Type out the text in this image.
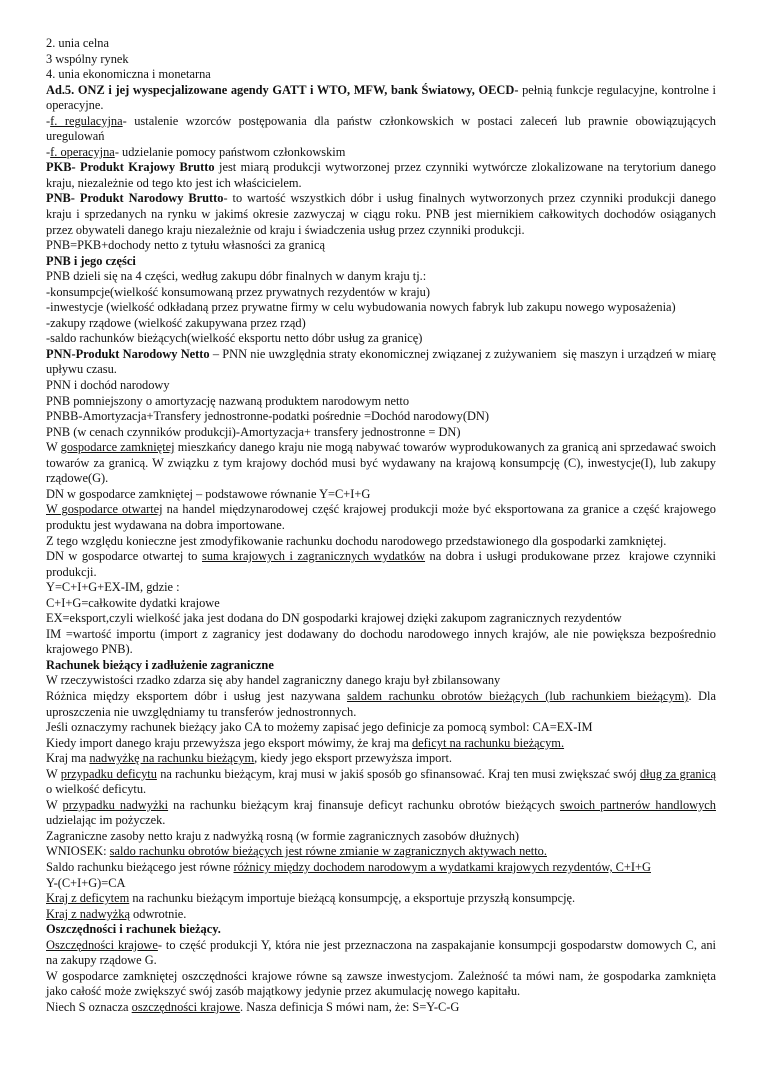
2. unia celna

3 wspólny rynek

4. unia ekonomiczna i monetarna

Ad.5. ONZ i jej wyspecjalizowane agendy GATT i WTO, MFW, bank Światowy, OECD- pełnią funkcje regulacyjne, kontrolne i operacyjne.

-f. regulacyjna- ustalenie wzorców postępowania dla państw członkowskich w postaci zaleceń lub prawnie obowiązujących uregulowań

-f. operacyjna- udzielanie pomocy państwom członkowskim

PKB- Produkt Krajowy Brutto jest miarą produkcji wytworzonej przez czynniki wytwórcze zlokalizowane na terytorium danego kraju, niezależnie od tego kto jest ich właścicielem.

PNB- Produkt Narodowy Brutto- to wartość wszystkich dóbr i usług finalnych wytworzonych przez czynniki produkcji danego kraju i sprzedanych na rynku w jakimś okresie zazwyczaj w ciągu roku. PNB jest miernikiem całkowitych dochodów osiąganych przez obywateli danego kraju niezależnie od kraju i świadczenia usług przez czynniki produkcji.

PNB=PKB+dochody netto z tytułu własności za granicą

PNB i jego części

PNB dzieli się na 4 części, według zakupu dóbr finalnych w danym kraju tj.:

-konsumpcje(wielkość konsumowaną przez prywatnych rezydentów w kraju)

-inwestycje (wielkość odkładaną przez prywatne firmy w celu wybudowania nowych fabryk lub zakupu nowego wyposażenia)

-zakupy rządowe (wielkość zakupywana przez rząd)

-saldo rachunków bieżących(wielkość eksportu netto dóbr usług za granicę)

PNN-Produkt Narodowy Netto – PNN nie uwzględnia straty ekonomicznej związanej z zużywaniem  się maszyn i urządzeń w miarę upływu czasu.

PNN i dochód narodowy

PNB pomniejszony o amortyzację nazwaną produktem narodowym netto

PNBB-Amortyzacja+Transfery jednostronne-podatki pośrednie =Dochód narodowy(DN)

PNB (w cenach czynników produkcji)-Amortyzacja+ transfery jednostronne = DN)

W gospodarce zamkniętej mieszkańcy danego kraju nie mogą nabywać towarów wyprodukowanych za granicą ani sprzedawać swoich towarów za granicą. W związku z tym krajowy dochód musi być wydawany na krajową konsumpcję (C), inwestycje(I), lub zakupy rządowe(G).

DN w gospodarce zamkniętej – podstawowe równanie Y=C+I+G

W gospodarce otwartej na handel międzynarodowej część krajowej produkcji może być eksportowana za granice a część krajowego produktu jest wydawana na dobra importowane.

Z tego względu konieczne jest zmodyfikowanie rachunku dochodu narodowego przedstawionego dla gospodarki zamkniętej.

DN w gospodarce otwartej to suma krajowych i zagranicznych wydatków na dobra i usługi produkowane przez  krajowe czynniki produkcji.

Y=C+I+G+EX-IM, gdzie :

C+I+G=całkowite dydatki krajowe

EX=eksport,czyli wielkość jaka jest dodana do DN gospodarki krajowej dzięki zakupom zagranicznych rezydentów

IM =wartość importu (import z zagranicy jest dodawany do dochodu narodowego innych krajów, ale nie powiększa bezpośrednio krajowego PNB).

Rachunek bieżący i zadłużenie zagraniczne

W rzeczywistości rzadko zdarza się aby handel zagraniczny danego kraju był zbilansowany

Różnica między eksportem dóbr i usług jest nazywana saldem rachunku obrotów bieżących (lub rachunkiem bieżącym). Dla uproszczenia nie uwzględniamy tu transferów jednostronnych.

Jeśli oznaczymy rachunek bieżący jako CA to możemy zapisać jego definicje za pomocą symbol: CA=EX-IM

Kiedy import danego kraju przewyższa jego eksport mówimy, że kraj ma deficyt na rachunku bieżącym.

Kraj ma nadwyżkę na rachunku bieżącym, kiedy jego eksport przewyższa import.

W przypadku deficytu na rachunku bieżącym, kraj musi w jakiś sposób go sfinansować. Kraj ten musi zwiększać swój dług za granicą o wielkość deficytu.

W przypadku nadwyżki na rachunku bieżącym kraj finansuje deficyt rachunku obrotów bieżących swoich partnerów handlowych udzielając im pożyczek.

Zagraniczne zasoby netto kraju z nadwyżką rosną (w formie zagranicznych zasobów dłużnych)

WNIOSEK: saldo rachunku obrotów bieżących jest równe zmianie w zagranicznych aktywach netto.

Saldo rachunku bieżącego jest równe różnicy między dochodem narodowym a wydatkami krajowych rezydentów, C+I+G

Y-(C+I+G)=CA

Kraj z deficytem na rachunku bieżącym importuje bieżącą konsumpcję, a eksportuje przyszłą konsumpcję.

Kraj z nadwyżką odwrotnie.

Oszczędności i rachunek bieżący.

Oszczędności krajowe- to część produkcji Y, która nie jest przeznaczona na zaspakajanie konsumpcji gospodarstw domowych C, ani na zakupy rządowe G.

W gospodarce zamkniętej oszczędności krajowe równe są zawsze inwestycjom. Zależność ta mówi nam, że gospodarka zamknięta jako całość może zwiększyć swój zasób majątkowy jedynie przez akumulację nowego kapitału.

Niech S oznacza oszczędności krajowe. Nasza definicja S mówi nam, że: S=Y-C-G
